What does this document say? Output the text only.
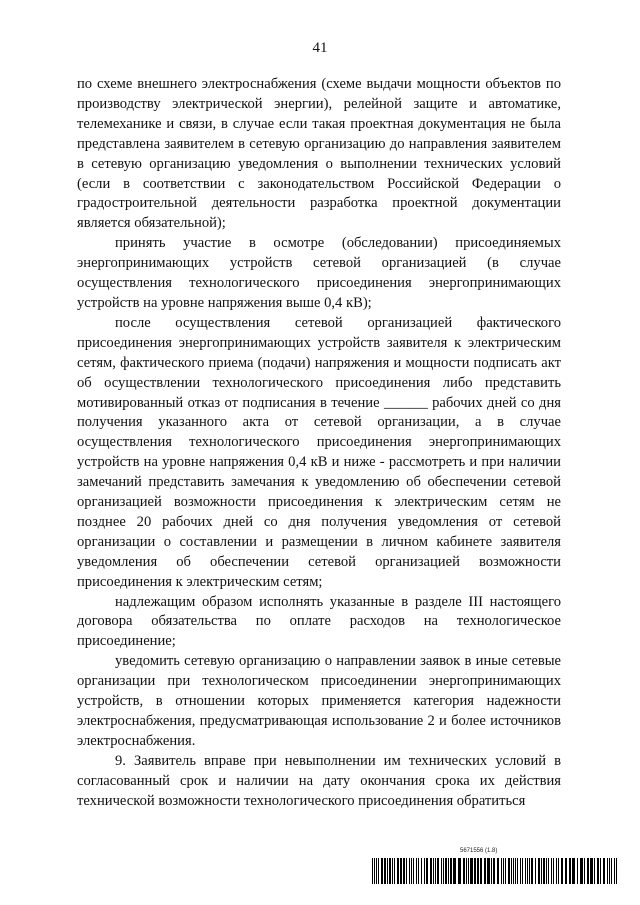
41

по схеме внешнего электроснабжения (схеме выдачи мощности объектов по производству электрической энергии), релейной защите и автоматике, телемеханике и связи, в случае если такая проектная документация не была представлена заявителем в сетевую организацию до направления заявителем в сетевую организацию уведомления о выполнении технических условий (если в соответствии с законодательством Российской Федерации о градостроительной деятельности разработка проектной документации является обязательной);

принять участие в осмотре (обследовании) присоединяемых энергопринимающих устройств сетевой организацией (в случае осуществления технологического присоединения энергопринимающих устройств на уровне напряжения выше 0,4 кВ);

после осуществления сетевой организацией фактического присоединения энергопринимающих устройств заявителя к электрическим сетям, фактического приема (подачи) напряжения и мощности подписать акт об осуществлении технологического присоединения либо представить мотивированный отказ от подписания в течение ______ рабочих дней со дня получения указанного акта от сетевой организации, а в случае осуществления технологического присоединения энергопринимающих устройств на уровне напряжения 0,4 кВ и ниже - рассмотреть и при наличии замечаний представить замечания к уведомлению об обеспечении сетевой организацией возможности присоединения к электрическим сетям не позднее 20 рабочих дней со дня получения уведомления от сетевой организации о составлении и размещении в личном кабинете заявителя уведомления об обеспечении сетевой организацией возможности присоединения к электрическим сетям;

надлежащим образом исполнять указанные в разделе III настоящего договора обязательства по оплате расходов на технологическое присоединение;

уведомить сетевую организацию о направлении заявок в иные сетевые организации при технологическом присоединении энергопринимающих устройств, в отношении которых применяется категория надежности электроснабжения, предусматривающая использование 2 и более источников электроснабжения.

9. Заявитель вправе при невыполнении им технических условий в согласованный срок и наличии на дату окончания срока их действия технической возможности технологического присоединения обратиться

5671556 (1.8)
